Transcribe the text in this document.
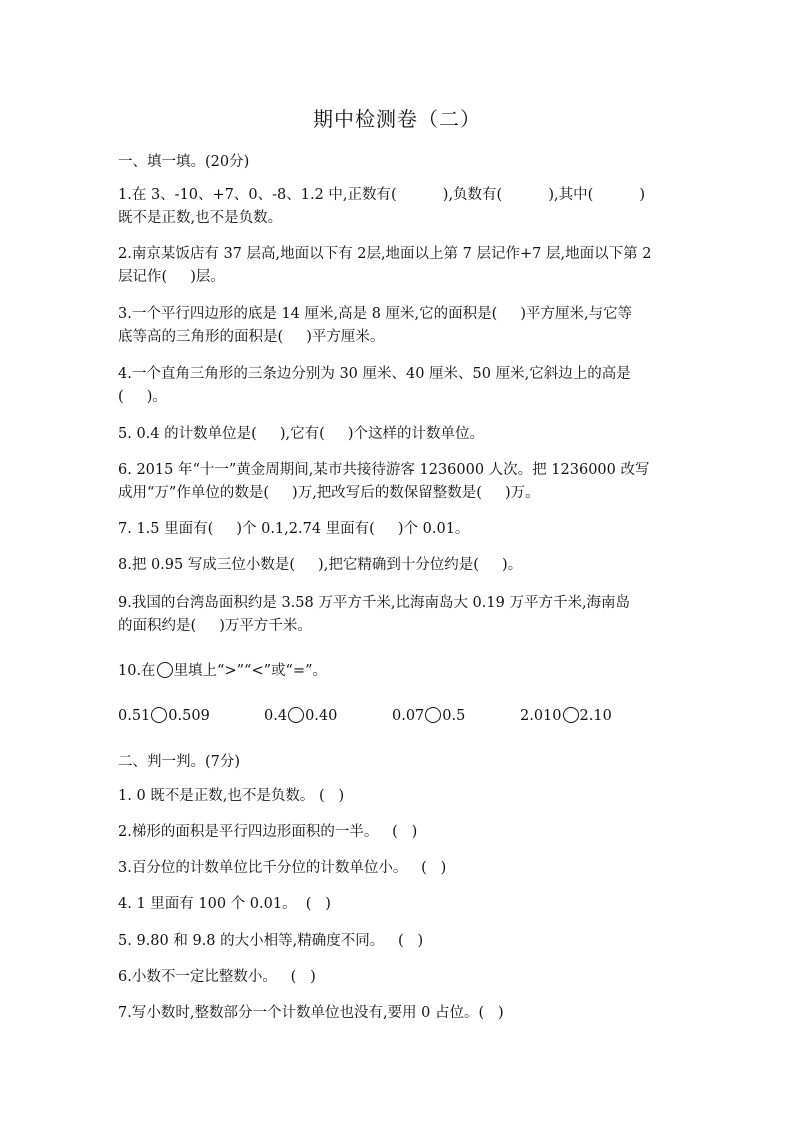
期中检测卷（二）
一、填一填。(20分)
1.在 3、-10、+7、0、-8、1.2 中,正数有(	),负数有(	),其中(	)
既不是正数,也不是负数。
2.南京某饭店有 37 层高,地面以下有 2层,地面以上第 7 层记作+7 层,地面以下第 2
层记作( )层。
3.一个平行四边形的底是 14 厘米,高是 8 厘米,它的面积是( )平方厘米,与它等
底等高的三角形的面积是( )平方厘米。
4.一个直角三角形的三条边分别为 30 厘米、40 厘米、50 厘米,它斜边上的高是
( )。
5. 0.4 的计数单位是( ),它有( )个这样的计数单位。
6. 2015 年“十一”黄金周期间,某市共接待游客 1236000 人次。把 1236000 改写
成用“万”作单位的数是( )万,把改写后的数保留整数是( )万。
7. 1.5 里面有( )个 0.1,2.74 里面有( )个 0.01。
8.把 0.95 写成三位小数是( ),把它精确到十分位约是( )。
9.我国的台湾岛面积约是 3.58 万平方千米,比海南岛大 0.19 万平方千米,海南岛
的面积约是( )万平方千米。
10.在 里填上“>”“<”或“=”。
0.51 0.509	0.4 0.40	0.07 0.5	2.010 2.10
二、判一判。(7分)
1. 0 既不是正数,也不是负数。 (   )
2.梯形的面积是平行四边形面积的一半。   (   )
3.百分位的计数单位比千分位的计数单位小。   (   )
4. 1 里面有 100 个 0.01。  (   )
5. 9.80 和 9.8 的大小相等,精确度不同。   (   )
6.小数不一定比整数小。   (   )
7.写小数时,整数部分一个计数单位也没有,要用 0 占位。(   )
